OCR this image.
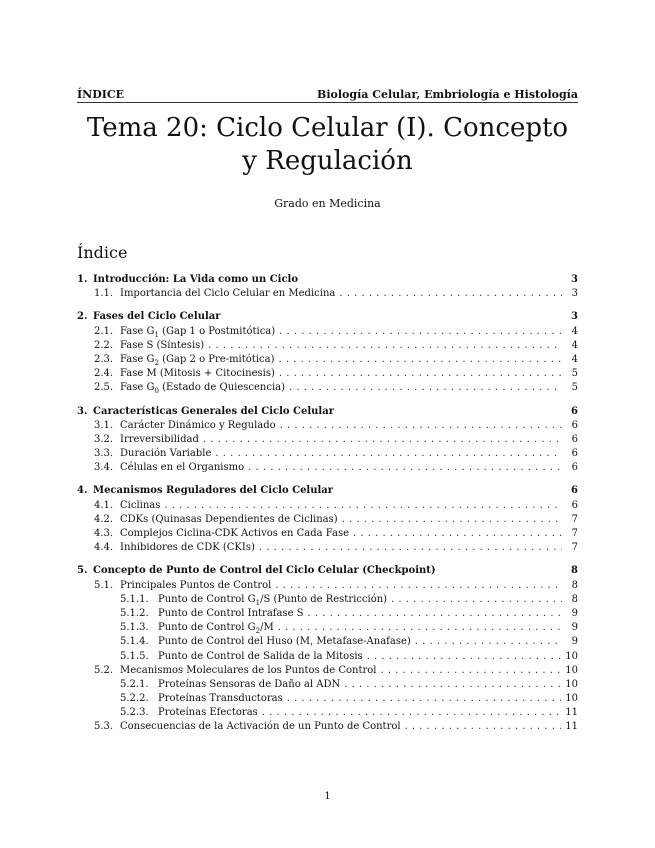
ÍNDICE	Biología Celular, Embriología e Histología
Tema 20: Ciclo Celular (I). Concepto
y Regulación
Grado en Medicina
Índice
1. Introducción: La Vida como un Ciclo	3
1.1. Importancia del Ciclo Celular en Medicina . . .	3
2. Fases del Ciclo Celular	3
2.1. Fase $G_1$ (Gap 1 o Postmitótica) . . .	4
2.2. Fase S (Síntesis) . . .	4
2.3. Fase $G_2$ (Gap 2 o Pre-mitótica) . . .	4
2.4. Fase M (Mitosis + Citocinesis) . . .	5
2.5. Fase $G_0$ (Estado de Quiescencia) . . .	5
3. Características Generales del Ciclo Celular	6
3.1. Carácter Dinámico y Regulado . . .	6
3.2. Irreversibilidad . . .	6
3.3. Duración Variable . . .	6
3.4. Células en el Organismo . . .	6
4. Mecanismos Reguladores del Ciclo Celular	6
4.1. Ciclinas . . .	6
4.2. CDKs (Quinasas Dependientes de Ciclinas) . . .	7
4.3. Complejos Ciclina-CDK Activos en Cada Fase . . .	7
4.4. Inhibidores de CDK (CKIs) . . .	7
5. Concepto de Punto de Control del Ciclo Celular (Checkpoint)	8
5.1. Principales Puntos de Control . . .	8
5.1.1. Punto de Control $G_1/S$ (Punto de Restricción) . . .	8
5.1.2. Punto de Control Intrafase S . . .	9
5.1.3. Punto de Control $G_2/M$ . . .	9
5.1.4. Punto de Control del Huso (M, Metafase-Anafase) . . .	9
5.1.5. Punto de Control de Salida de la Mitosis . . .	10
5.2. Mecanismos Moleculares de los Puntos de Control . . .	10
5.2.1. Proteínas Sensoras de Daño al ADN . . .	10
5.2.2. Proteínas Transductoras . . .	10
5.2.3. Proteínas Efectoras . . .	11
5.3. Consecuencias de la Activación de un Punto de Control . . .	11
1
